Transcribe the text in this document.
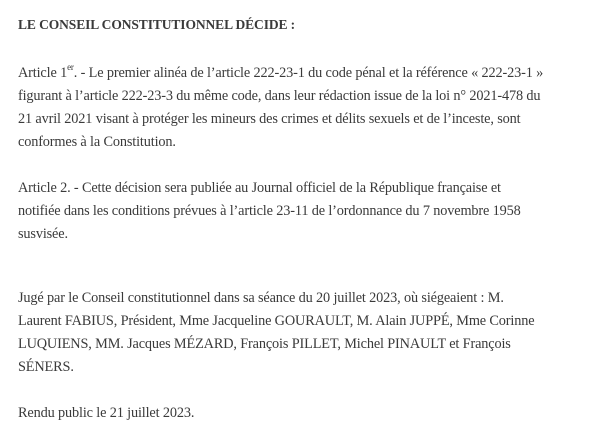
LE CONSEIL CONSTITUTIONNEL DÉCIDE :
Article 1er. - Le premier alinéa de l’article 222-23-1 du code pénal et la référence « 222-23-1 »
figurant à l’article 222-23-3 du même code, dans leur rédaction issue de la loi n° 2021-478 du
21 avril 2021 visant à protéger les mineurs des crimes et délits sexuels et de l’inceste, sont
conformes à la Constitution.
Article 2. - Cette décision sera publiée au Journal officiel de la République française et
notifiée dans les conditions prévues à l’article 23-11 de l’ordonnance du 7 novembre 1958
susvisée.
Jugé par le Conseil constitutionnel dans sa séance du 20 juillet 2023, où siégeaient : M.
Laurent FABIUS, Président, Mme Jacqueline GOURAULT, M. Alain JUPPÉ, Mme Corinne
LUQUIENS, MM. Jacques MÉZARD, François PILLET, Michel PINAULT et François
SÉNERS.
Rendu public le 21 juillet 2023.
